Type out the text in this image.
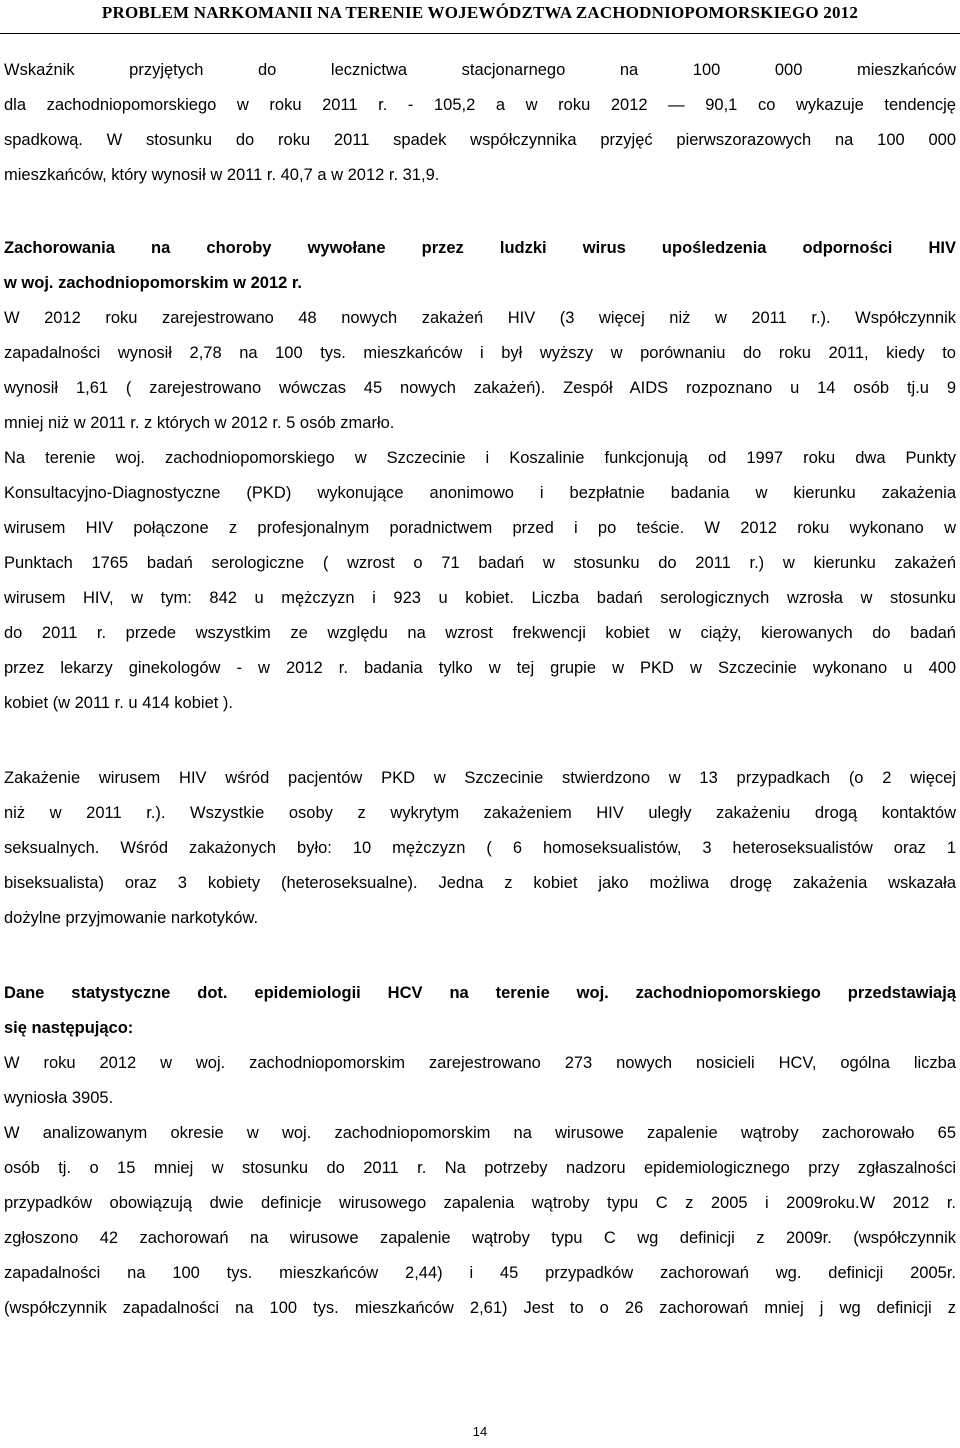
PROBLEM NARKOMANII NA TERENIE WOJEWÓDZTWA ZACHODNIOPOMORSKIEGO 2012
Wskaźnik przyjętych do lecznictwa stacjonarnego na 100 000 mieszkańców
dla zachodniopomorskiego w roku 2011 r. - 105,2 a w roku 2012 ― 90,1 co wykazuje tendencję
spadkową. W stosunku do roku 2011 spadek współczynnika przyjęć pierwszorazowych na 100 000
mieszkańców, który wynosił w 2011 r. 40,7 a w 2012 r. 31,9.
Zachorowania na choroby wywołane przez ludzki wirus upośledzenia odporności HIV
w woj. zachodniopomorskim w 2012 r.
W 2012 roku zarejestrowano 48 nowych zakażeń HIV (3 więcej niż w 2011 r.). Współczynnik
zapadalności wynosił 2,78 na 100 tys. mieszkańców i był wyższy w porównaniu do roku 2011, kiedy to
wynosił 1,61 ( zarejestrowano wówczas 45 nowych zakażeń). Zespół AIDS rozpoznano u 14 osób tj.u 9
mniej niż w 2011 r. z których w 2012 r. 5 osób zmarło.
Na terenie woj. zachodniopomorskiego w Szczecinie i Koszalinie funkcjonują od 1997 roku dwa Punkty
Konsultacyjno-Diagnostyczne (PKD) wykonujące anonimowo i bezpłatnie badania w kierunku zakażenia
wirusem HIV połączone z profesjonalnym poradnictwem przed i po teście. W 2012 roku wykonano w
Punktach 1765 badań serologiczne ( wzrost o 71 badań w stosunku do 2011 r.) w kierunku zakażeń
wirusem HIV, w tym: 842 u mężczyzn i 923 u kobiet. Liczba badań serologicznych wzrosła w stosunku
do 2011 r. przede wszystkim ze względu na wzrost frekwencji kobiet w ciąży, kierowanych do badań
przez lekarzy ginekologów - w 2012 r. badania tylko w tej grupie w PKD w Szczecinie wykonano u 400
kobiet (w 2011 r. u 414 kobiet ).
Zakażenie wirusem HIV wśród pacjentów PKD w Szczecinie stwierdzono w 13 przypadkach (o 2 więcej
niż w 2011 r.). Wszystkie osoby z wykrytym zakażeniem HIV uległy zakażeniu drogą kontaktów
seksualnych. Wśród zakażonych było: 10 mężczyzn ( 6 homoseksualistów, 3 heteroseksualistów oraz 1
biseksualista) oraz 3 kobiety (heteroseksualne). Jedna z kobiet jako możliwa drogę zakażenia wskazała
dożylne przyjmowanie narkotyków.
Dane statystyczne dot. epidemiologii HCV na terenie woj. zachodniopomorskiego przedstawiają
się następująco:
W roku 2012 w woj. zachodniopomorskim zarejestrowano 273 nowych nosicieli HCV, ogólna liczba
wyniosła 3905.
W analizowanym okresie w woj. zachodniopomorskim na wirusowe zapalenie wątroby zachorowało 65
osób tj. o 15 mniej w stosunku do 2011 r. Na potrzeby nadzoru epidemiologicznego przy zgłaszalności
przypadków obowiązują dwie definicje wirusowego zapalenia wątroby typu C z 2005 i 2009roku.W 2012 r.
zgłoszono 42 zachorowań na wirusowe zapalenie wątroby typu C wg definicji z 2009r. (współczynnik
zapadalności na 100 tys. mieszkańców 2,44) i 45 przypadków zachorowań wg. definicji 2005r.
(współczynnik zapadalności na 100 tys. mieszkańców 2,61) Jest to o 26 zachorowań mniej j wg definicji z
14
